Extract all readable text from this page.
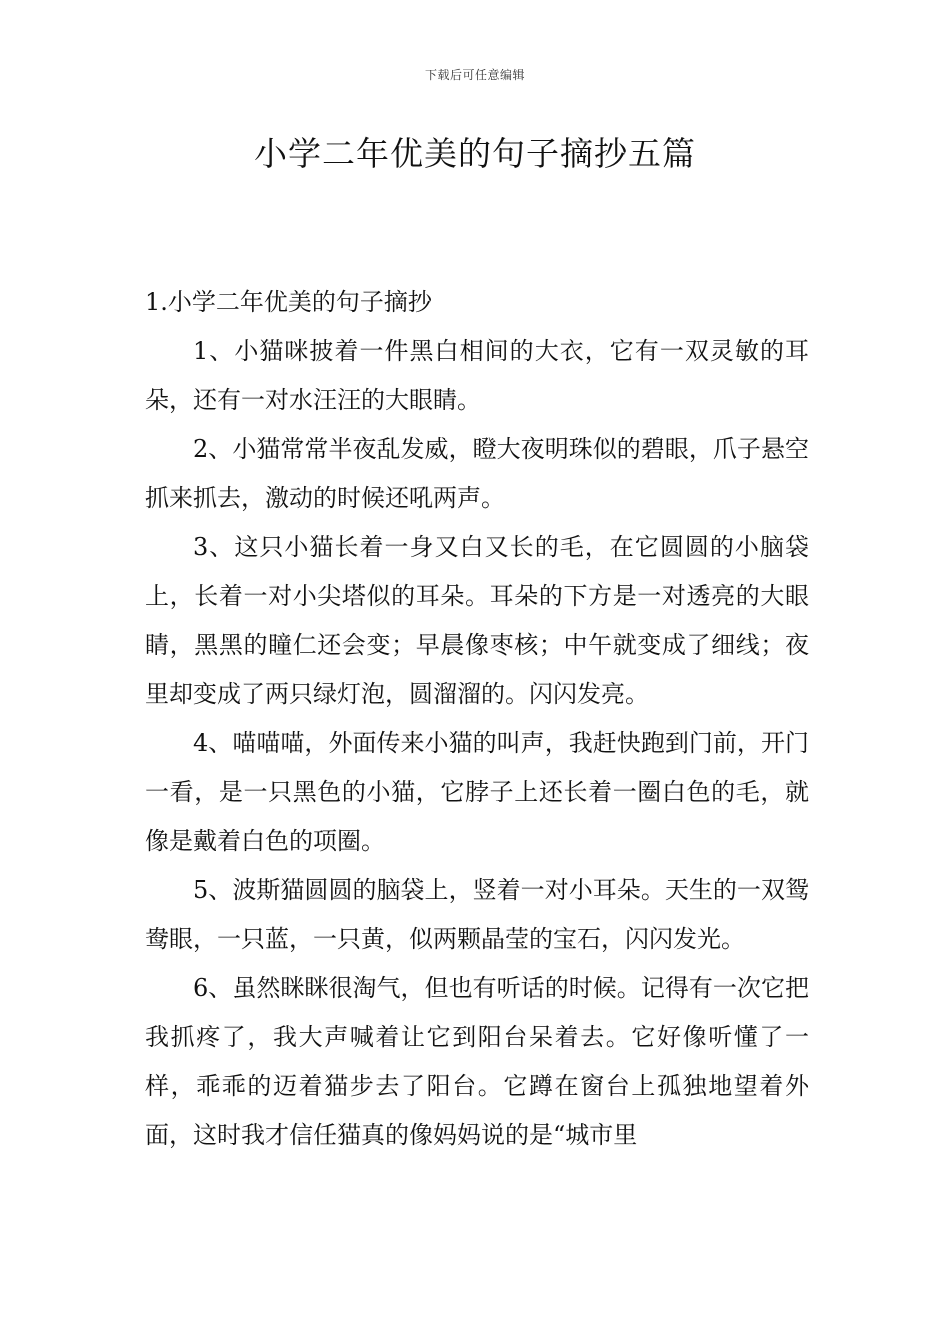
下载后可任意编辑
小学二年优美的句子摘抄五篇

1.小学二年优美的句子摘抄

1、小猫咪披着一件黑白相间的大衣，它有一双灵敏的耳朵，还有一对水汪汪的大眼睛。

2、小猫常常半夜乱发威，瞪大夜明珠似的碧眼，爪子悬空抓来抓去，激动的时候还吼两声。

3、这只小猫长着一身又白又长的毛，在它圆圆的小脑袋上，长着一对小尖塔似的耳朵。耳朵的下方是一对透亮的大眼睛，黑黑的瞳仁还会变；早晨像枣核；中午就变成了细线；夜里却变成了两只绿灯泡，圆溜溜的。闪闪发亮。

4、喵喵喵，外面传来小猫的叫声，我赶快跑到门前，开门一看，是一只黑色的小猫，它脖子上还长着一圈白色的毛，就像是戴着白色的项圈。

5、波斯猫圆圆的脑袋上，竖着一对小耳朵。天生的一双鸳鸯眼，一只蓝，一只黄，似两颗晶莹的宝石，闪闪发光。

6、虽然眯眯很淘气，但也有听话的时候。记得有一次它把我抓疼了，我大声喊着让它到阳台呆着去。它好像听懂了一样，乖乖的迈着猫步去了阳台。它蹲在窗台上孤独地望着外面，这时我才信任猫真的像妈妈说的是“城市里
